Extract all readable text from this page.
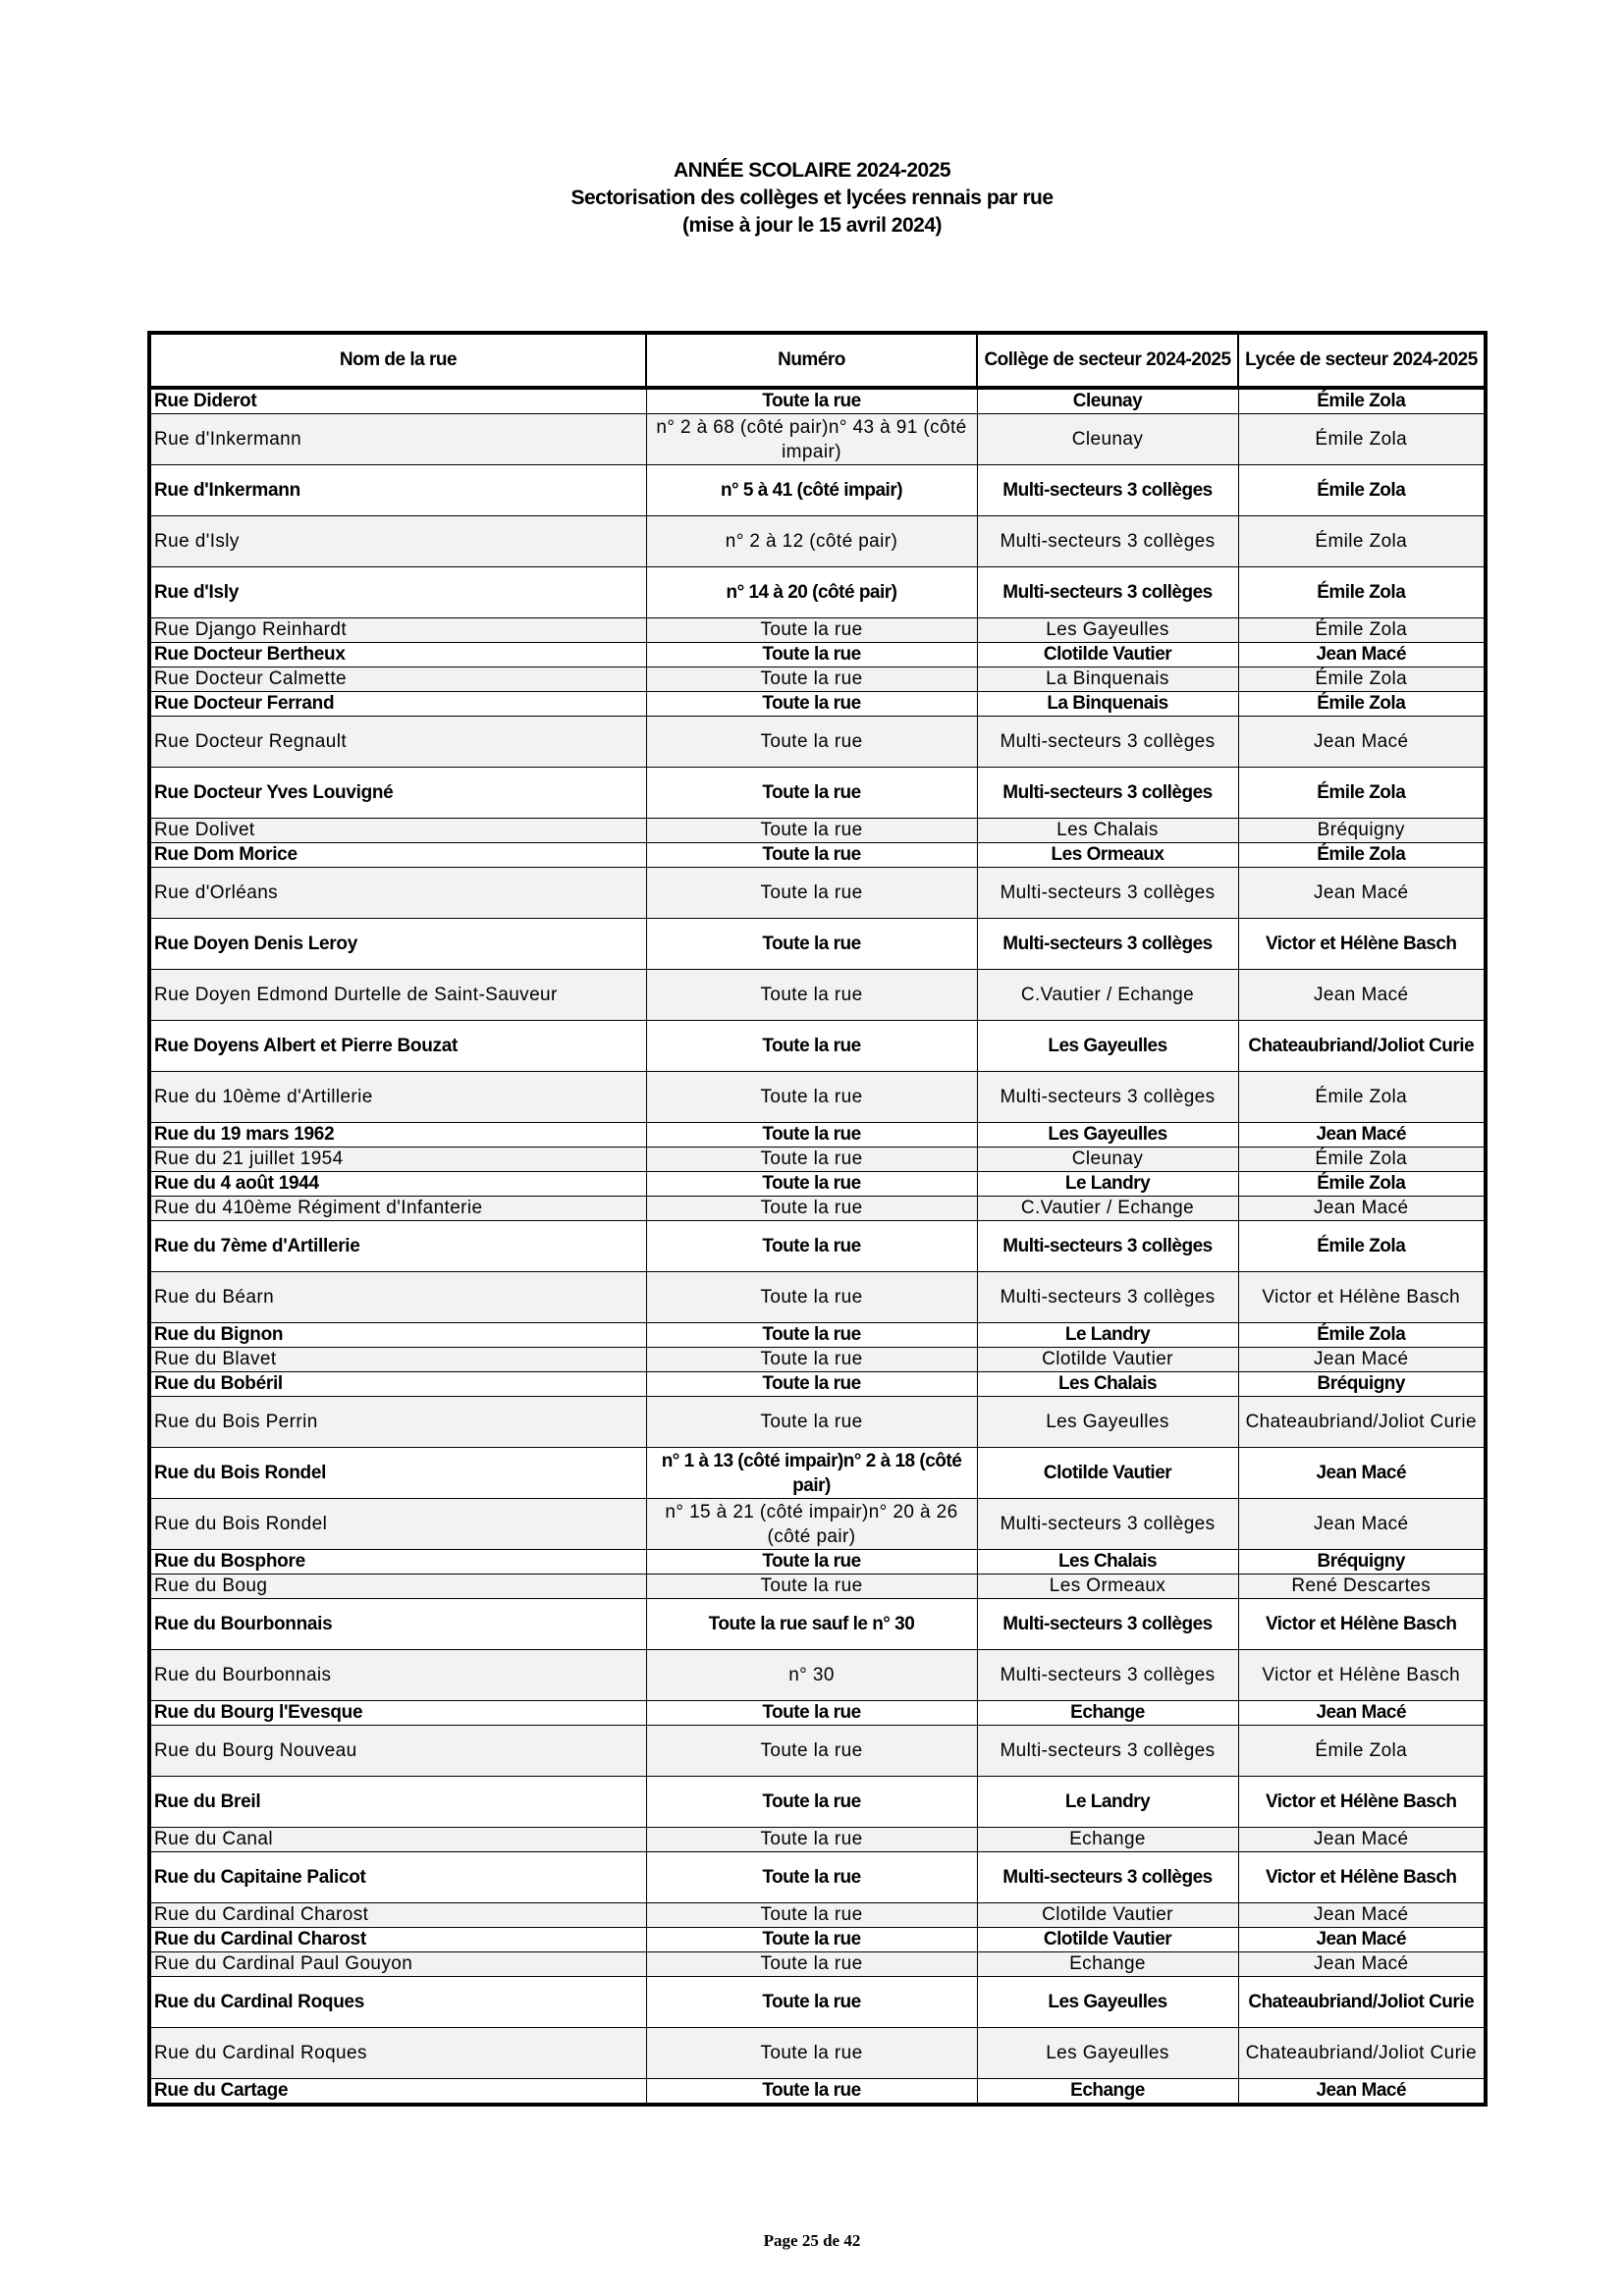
ANNÉE SCOLAIRE 2024-2025
Sectorisation des collèges et lycées rennais par rue
(mise à jour le 15 avril 2024)
Nom de la rue	Numéro	Collège de secteur 2024-2025	Lycée de secteur 2024-2025
Rue Diderot	Toute la rue	Cleunay	Émile Zola
Rue d'Inkermann	n° 2 à 68 (côté pair)n° 43 à 91 (côté impair)	Cleunay	Émile Zola
Rue d'Inkermann	n° 5 à 41 (côté impair)	Multi-secteurs 3 collèges	Émile Zola
Rue d'Isly	n° 2 à 12 (côté pair)	Multi-secteurs 3 collèges	Émile Zola
Rue d'Isly	n° 14 à 20 (côté pair)	Multi-secteurs 3 collèges	Émile Zola
Rue Django Reinhardt	Toute la rue	Les Gayeulles	Émile Zola
Rue Docteur Bertheux	Toute la rue	Clotilde Vautier	Jean Macé
Rue Docteur Calmette	Toute la rue	La Binquenais	Émile Zola
Rue Docteur Ferrand	Toute la rue	La Binquenais	Émile Zola
Rue Docteur Regnault	Toute la rue	Multi-secteurs 3 collèges	Jean Macé
Rue Docteur Yves Louvigné	Toute la rue	Multi-secteurs 3 collèges	Émile Zola
Rue Dolivet	Toute la rue	Les Chalais	Bréquigny
Rue Dom Morice	Toute la rue	Les Ormeaux	Émile Zola
Rue d'Orléans	Toute la rue	Multi-secteurs 3 collèges	Jean Macé
Rue Doyen Denis Leroy	Toute la rue	Multi-secteurs 3 collèges	Victor et Hélène Basch
Rue Doyen Edmond Durtelle de Saint-Sauveur	Toute la rue	C.Vautier / Echange	Jean Macé
Rue Doyens Albert et Pierre Bouzat	Toute la rue	Les Gayeulles	Chateaubriand/Joliot Curie
Rue du 10ème d'Artillerie	Toute la rue	Multi-secteurs 3 collèges	Émile Zola
Rue du 19 mars 1962	Toute la rue	Les Gayeulles	Jean Macé
Rue du 21 juillet 1954	Toute la rue	Cleunay	Émile Zola
Rue du 4 août 1944	Toute la rue	Le Landry	Émile Zola
Rue du 410ème Régiment d'Infanterie	Toute la rue	C.Vautier / Echange	Jean Macé
Rue du 7ème d'Artillerie	Toute la rue	Multi-secteurs 3 collèges	Émile Zola
Rue du Béarn	Toute la rue	Multi-secteurs 3 collèges	Victor et Hélène Basch
Rue du Bignon	Toute la rue	Le Landry	Émile Zola
Rue du Blavet	Toute la rue	Clotilde Vautier	Jean Macé
Rue du Bobéril	Toute la rue	Les Chalais	Bréquigny
Rue du Bois Perrin	Toute la rue	Les Gayeulles	Chateaubriand/Joliot Curie
Rue du Bois Rondel	n° 1 à 13 (côté impair)n° 2 à 18 (côté pair)	Clotilde Vautier	Jean Macé
Rue du Bois Rondel	n° 15 à 21 (côté impair)n° 20 à 26 (côté pair)	Multi-secteurs 3 collèges	Jean Macé
Rue du Bosphore	Toute la rue	Les Chalais	Bréquigny
Rue du Boug	Toute la rue	Les Ormeaux	René Descartes
Rue du Bourbonnais	Toute la rue sauf le n° 30	Multi-secteurs 3 collèges	Victor et Hélène Basch
Rue du Bourbonnais	n° 30	Multi-secteurs 3 collèges	Victor et Hélène Basch
Rue du Bourg l'Evesque	Toute la rue	Echange	Jean Macé
Rue du Bourg Nouveau	Toute la rue	Multi-secteurs 3 collèges	Émile Zola
Rue du Breil	Toute la rue	Le Landry	Victor et Hélène Basch
Rue du Canal	Toute la rue	Echange	Jean Macé
Rue du Capitaine Palicot	Toute la rue	Multi-secteurs 3 collèges	Victor et Hélène Basch
Rue du Cardinal Charost	Toute la rue	Clotilde Vautier	Jean Macé
Rue du Cardinal Charost	Toute la rue	Clotilde Vautier	Jean Macé
Rue du Cardinal Paul Gouyon	Toute la rue	Echange	Jean Macé
Rue du Cardinal Roques	Toute la rue	Les Gayeulles	Chateaubriand/Joliot Curie
Rue du Cardinal Roques	Toute la rue	Les Gayeulles	Chateaubriand/Joliot Curie
Rue du Cartage	Toute la rue	Echange	Jean Macé
Page 25 de 42
